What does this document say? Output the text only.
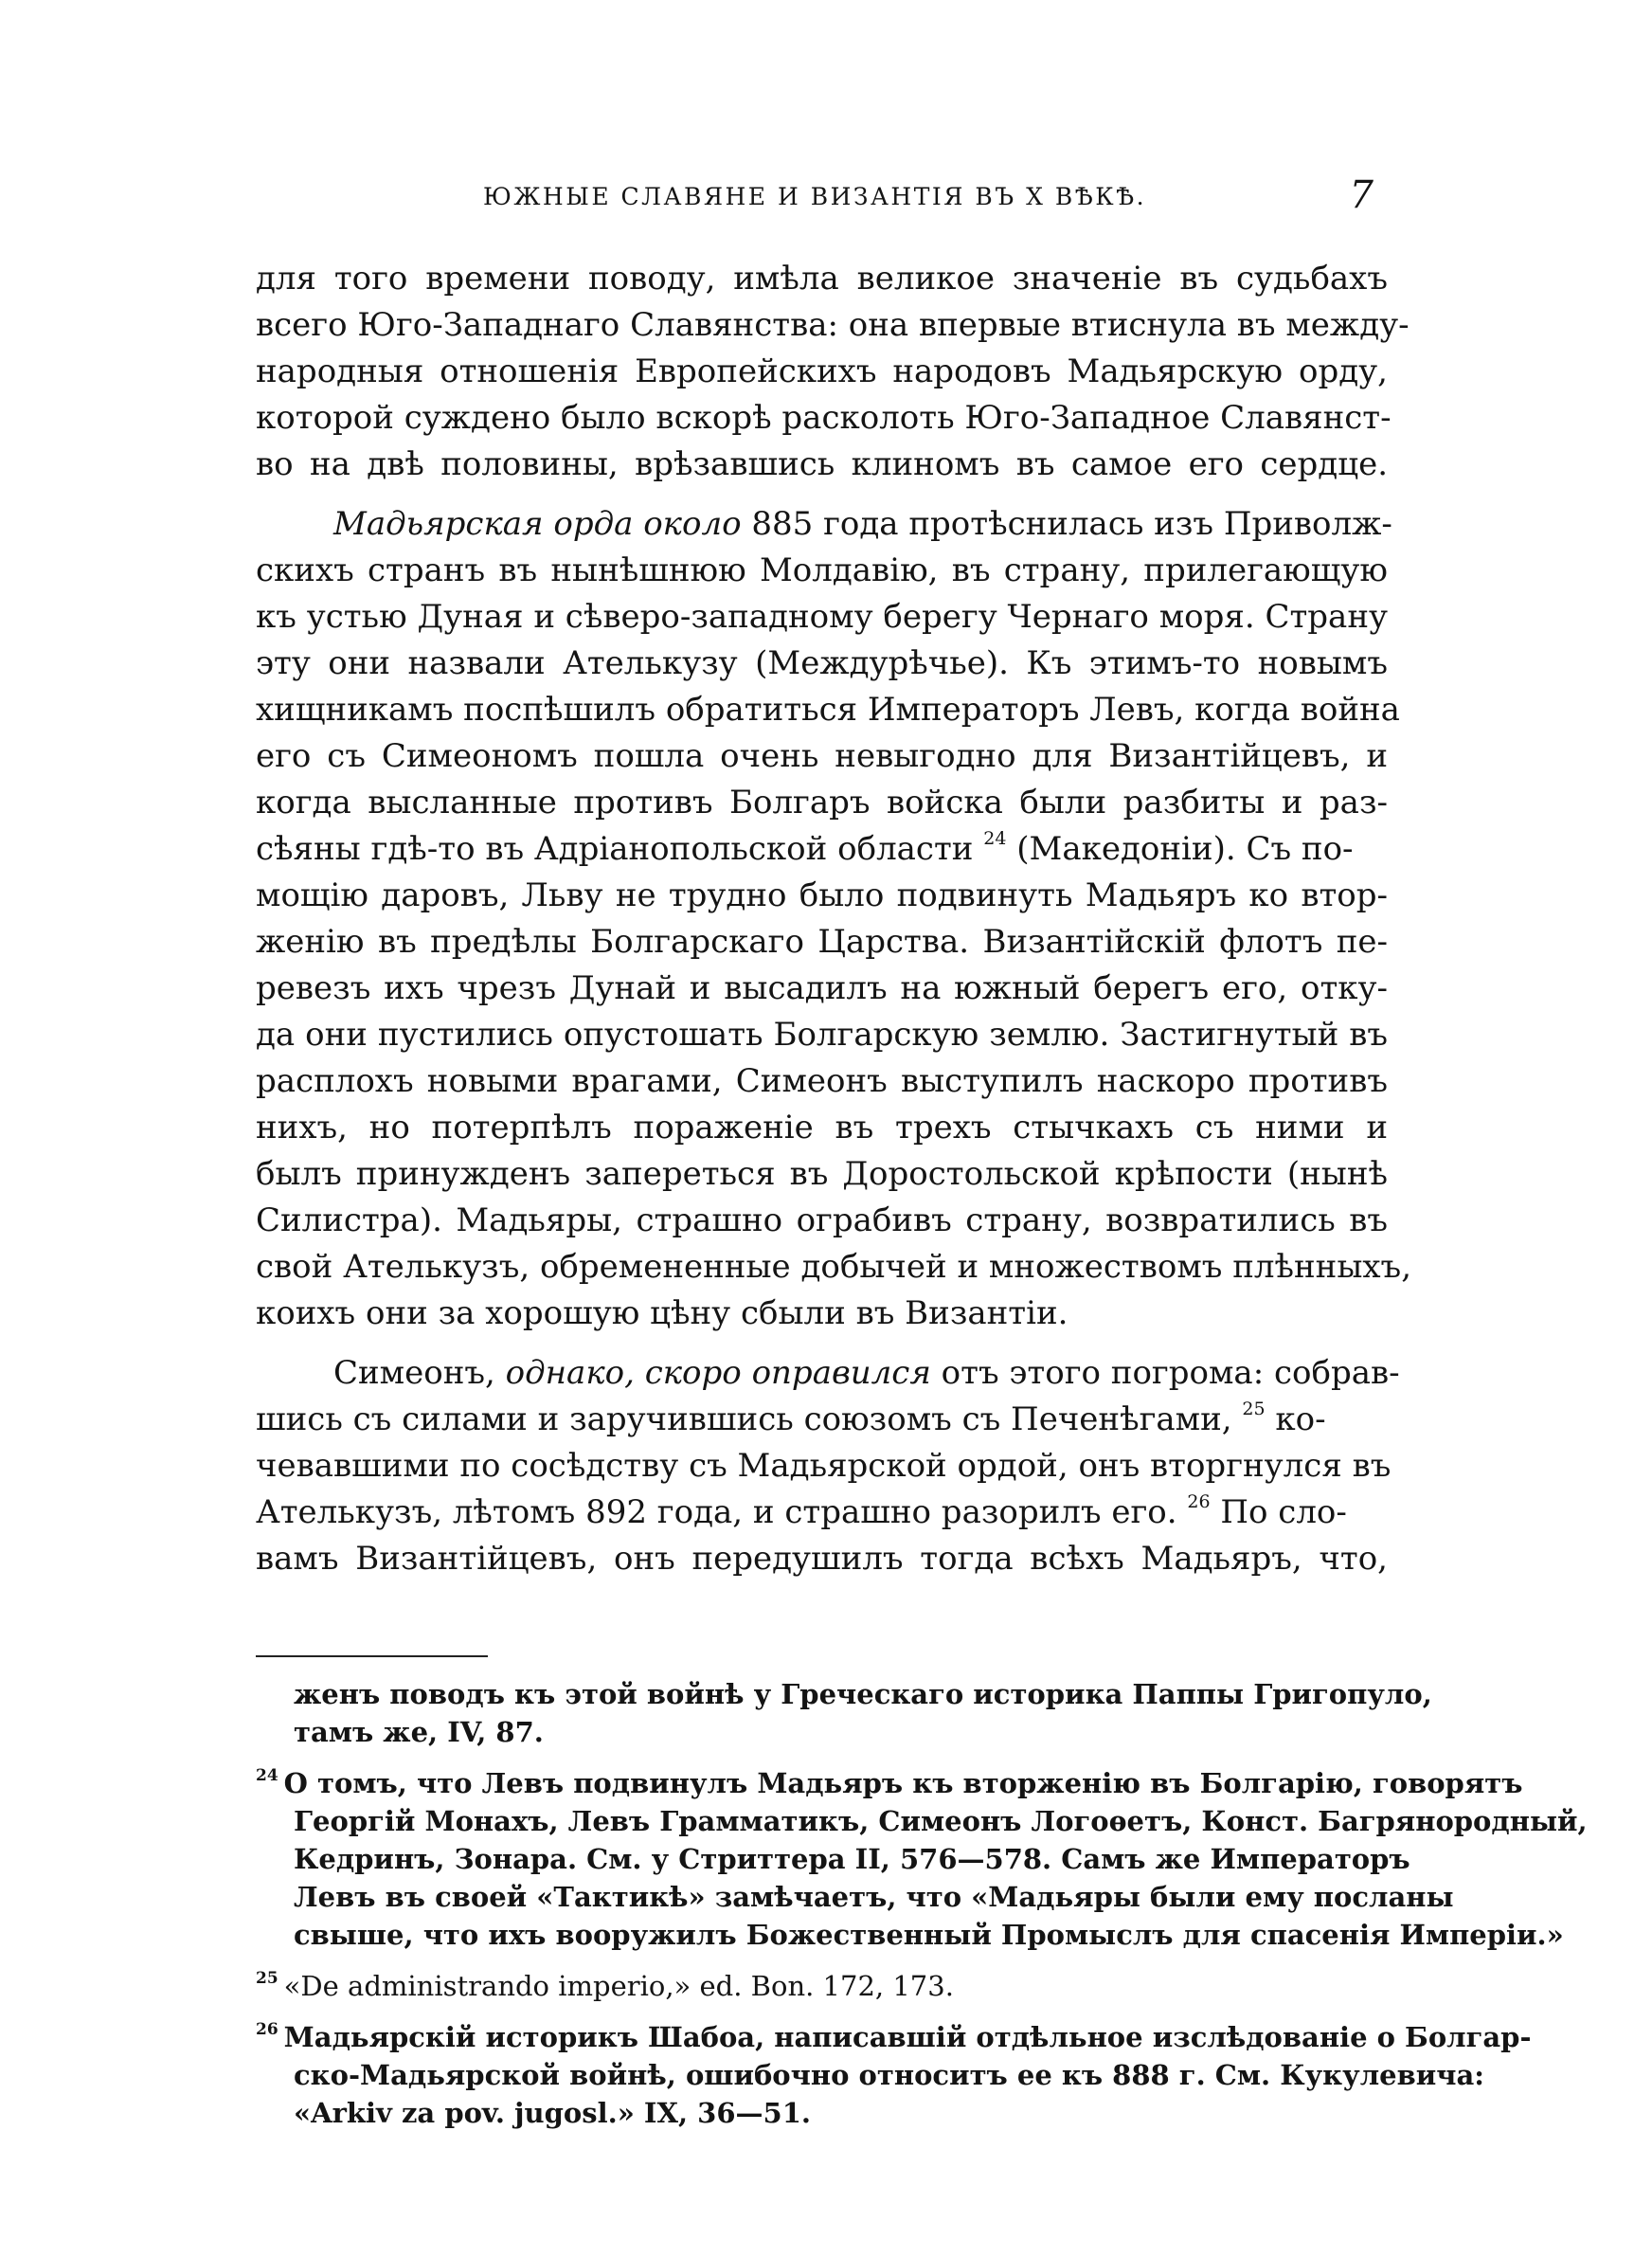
ЮЖНЫЕ СЛАВЯНЕ И ВИЗАНТІЯ ВЪ X ВѢКѢ.	7
для того времени поводу, имѣла великое значеніе въ судьбахъ
всего Юго-Западнаго Славянства: она впервые втиснула въ между-
народныя отношенія Европейскихъ народовъ Мадьярскую орду,
которой суждено было вскорѣ расколоть Юго-Западное Славянст-
во на двѣ половины, врѣзавшись клиномъ въ самое его сердце.
Мадьярская орда около 885 года протѣснилась изъ Приволж-
скихъ странъ въ нынѣшнюю Молдавію, въ страну, прилегающую
къ устью Дуная и сѣверо-западному берегу Чернаго моря. Страну
эту они назвали Ателькузу (Междурѣчье). Къ этимъ-то новымъ
хищникамъ поспѣшилъ обратиться Императоръ Левъ, когда война
его съ Симеономъ пошла очень невыгодно для Византійцевъ, и
когда высланные противъ Болгаръ войска были разбиты и раз-
сѣяны гдѣ-то въ Адріанопольской области $^{24}$ (Македоніи). Съ по-
мощію даровъ, Льву не трудно было подвинуть Мадьяръ ко втор-
женію въ предѣлы Болгарскаго Царства. Византійскій флотъ пе-
ревезъ ихъ чрезъ Дунай и высадилъ на южный берегъ его, отку-
да они пустились опустошать Болгарскую землю. Застигнутый въ
расплохъ новыми врагами, Симеонъ выступилъ наскоро противъ
нихъ, но потерпѣлъ пораженіе въ трехъ стычкахъ съ ними и
былъ принужденъ запереться въ Доростольской крѣпости (нынѣ
Силистра). Мадьяры, страшно ограбивъ страну, возвратились въ
свой Ателькузъ, обремененные добычей и множествомъ плѣнныхъ,
коихъ они за хорошую цѣну сбыли въ Византіи.
Симеонъ, однако, скоро оправился отъ этого погрома: собрав-
шись съ силами и заручившись союзомъ съ Печенѣгами, $^{25}$ ко-
чевавшими по сосѣдству съ Мадьярской ордой, онъ вторгнулся въ
Ателькузъ, лѣтомъ 892 года, и страшно разорилъ его. $^{26}$ По сло-
вамъ Византійцевъ, онъ передушилъ тогда всѣхъ Мадьяръ, что,
женъ поводъ къ этой войнѣ у Греческаго историка Паппы Григопуло,
тамъ же, IV, 87.
$^{24}$ О томъ, что Левъ подвинулъ Мадьяръ къ вторженію въ Болгарію, говорятъ
Георгій Монахъ, Левъ Грамматикъ, Симеонъ Логоѳетъ, Конст. Багрянородный,
Кедринъ, Зонара. См. у Стриттера II, 576—578. Самъ же Императоръ
Левъ въ своей «Тактикѣ» замѣчаетъ, что «Мадьяры были ему посланы
свыше, что ихъ вооружилъ Божественный Промыслъ для спасенія Имперіи.»
$^{25}$ «De administrando imperio,» ed. Bon. 172, 173.
$^{26}$ Мадьярскій историкъ Шабоа, написавшій отдѣльное изслѣдованіе о Болгар-
ско-Мадьярской войнѣ, ошибочно относитъ ее къ 888 г. См. Кукулевича:
«Arkiv za pov. jugosl.» IX, 36—51.
